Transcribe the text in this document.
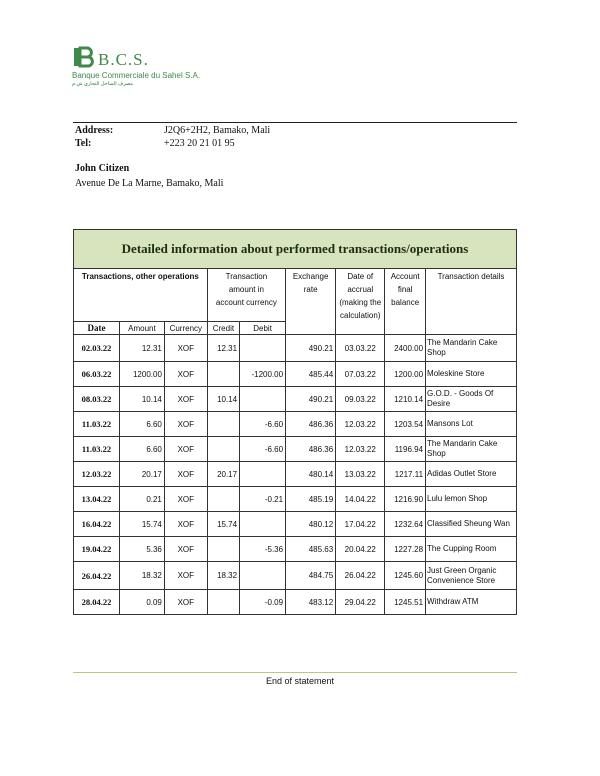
B.C.S.
Banque Commerciale du Sahel S.A.
مصرف الساحل التجاري ش.م
Address:	J2Q6+2H2, Bamako, Mali
Tel:	+223 20 21 01 95
John Citizen
Avenue De La Marne, Bamako, Mali
Detailed information about performed transactions/operations								
Transactions, other operations			Transaction amount in account currency		Exchange rate	Date of accrual (making the calculation)	Account final balance	Transaction details
Date	Amount	Currency	Credit	Debit				
02.03.22	12.31	XOF	12.31		490.21	03.03.22	2400.00	The Mandarin Cake Shop
06.03.22	1200.00	XOF		-1200.00	485.44	07.03.22	1200.00	Moleskine Store
08.03.22	10.14	XOF	10.14		490.21	09.03.22	1210.14	G.O.D. - Goods Of Desire
11.03.22	6.60	XOF		-6.60	486.36	12.03.22	1203.54	Mansons Lot
11.03.22	6.60	XOF		-6.60	486.36	12.03.22	1196.94	The Mandarin Cake Shop
12.03.22	20.17	XOF	20.17		480.14	13.03.22	1217.11	Adidas Outlet Store
13.04.22	0.21	XOF		-0.21	485.19	14.04.22	1216.90	Lulu lemon Shop
16.04.22	15.74	XOF	15.74		480.12	17.04.22	1232.64	Classified Sheung Wan
19.04.22	5.36	XOF		-5.36	485.63	20.04.22	1227.28	The Cupping Room
26.04.22	18.32	XOF	18.32		484.75	26.04.22	1245.60	Just Green Organic Convenience Store
28.04.22	0.09	XOF		-0.09	483.12	29.04.22	1245.51	Withdraw ATM
End of statement
